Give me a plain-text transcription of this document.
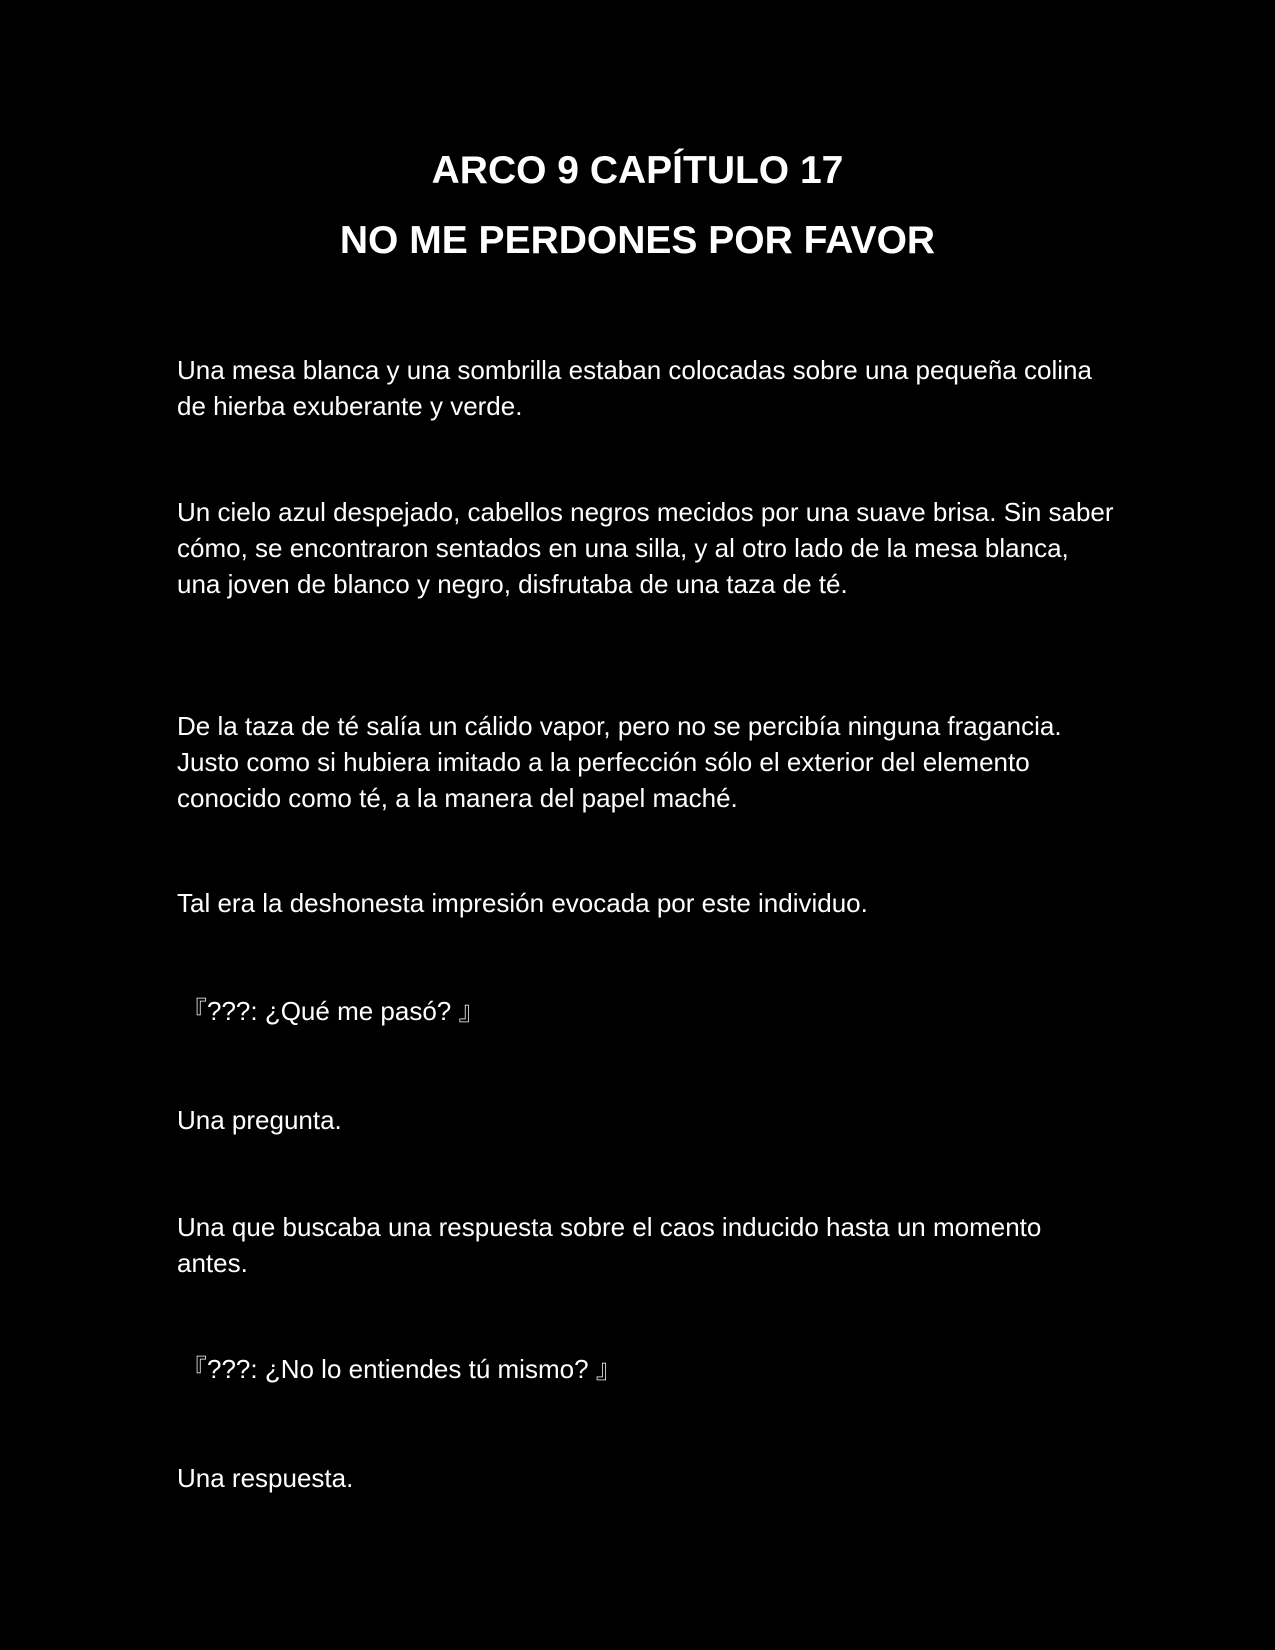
ARCO 9 CAPÍTULO 17
NO ME PERDONES POR FAVOR

Una mesa blanca y una sombrilla estaban colocadas sobre una pequeña colina de hierba exuberante y verde.

Un cielo azul despejado, cabellos negros mecidos por una suave brisa. Sin saber cómo, se encontraron sentados en una silla, y al otro lado de la mesa blanca, una joven de blanco y negro, disfrutaba de una taza de té.

De la taza de té salía un cálido vapor, pero no se percibía ninguna fragancia. Justo como si hubiera imitado a la perfección sólo el exterior del elemento conocido como té, a la manera del papel maché.

Tal era la deshonesta impresión evocada por este individuo.

『???: ¿Qué me pasó? 』

Una pregunta.

Una que buscaba una respuesta sobre el caos inducido hasta un momento antes.

『???: ¿No lo entiendes tú mismo? 』

Una respuesta.
